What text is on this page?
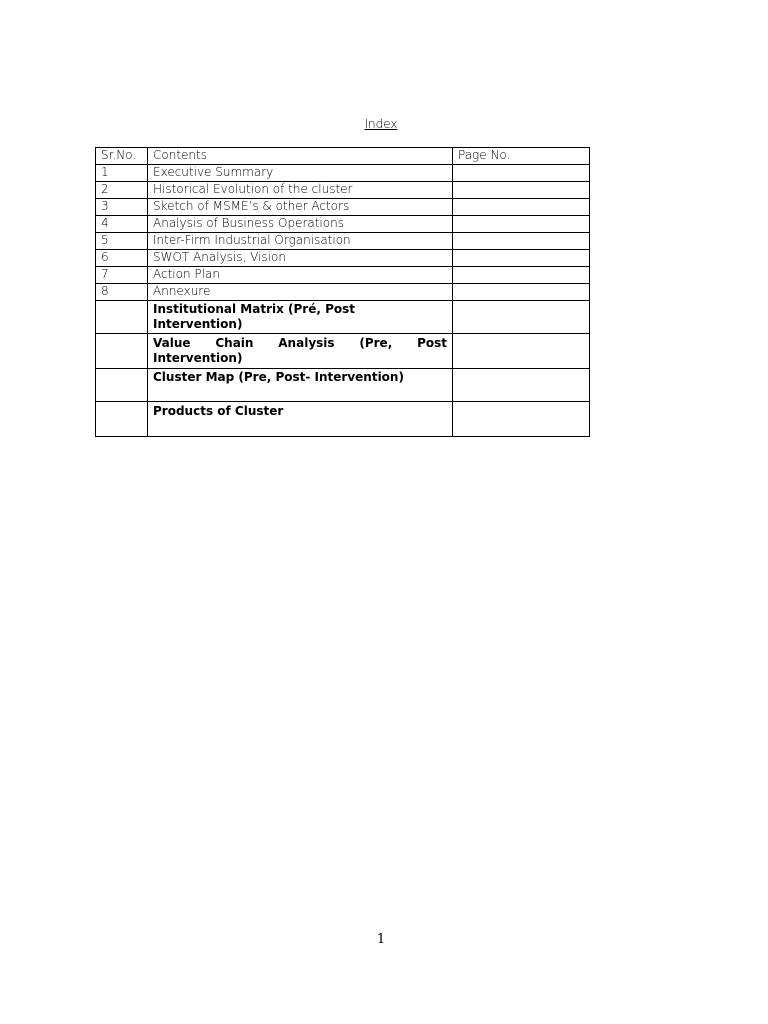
Index
Sr.No.	Contents	Page No.
1	Executive Summary	
2	Historical Evolution of the cluster	
3	Sketch of MSME’s & other Actors	
4	Analysis of Business Operations	
5	Inter-Firm Industrial Organisation	
6	SWOT Analysis, Vision	
7	Action Plan	
8	Annexure	
	Institutional Matrix (Pré, Post Intervention)	
	Value Chain Analysis (Pre, Post Intervention)	
	Cluster Map (Pre, Post- Intervention)	
	Products of Cluster	
1
